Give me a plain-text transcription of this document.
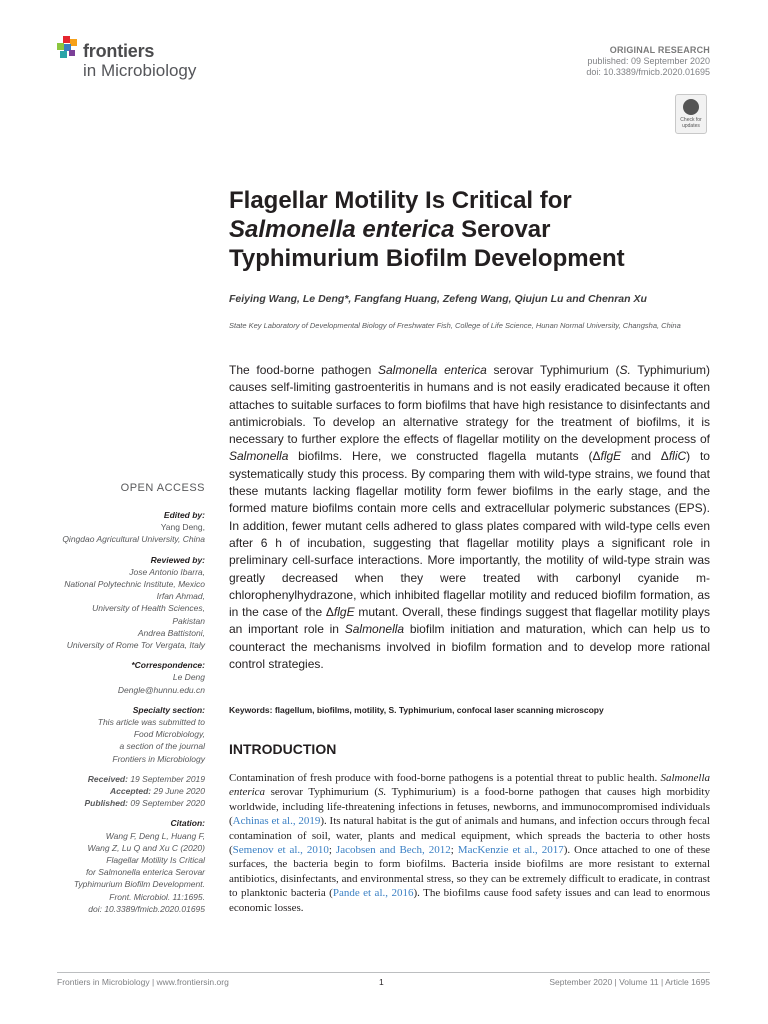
frontiers
in Microbiology
ORIGINAL RESEARCH
published: 09 September 2020
doi: 10.3389/fmicb.2020.01695
Check for updates
Flagellar Motility Is Critical for
Salmonella enterica Serovar
Typhimurium Biofilm Development
Feiying Wang, Le Deng*, Fangfang Huang, Zefeng Wang, Qiujun Lu and Chenran Xu
State Key Laboratory of Developmental Biology of Freshwater Fish, College of Life Science, Hunan Normal University, Changsha, China
The food-borne pathogen Salmonella enterica serovar Typhimurium (S. Typhimurium) causes self-limiting gastroenteritis in humans and is not easily eradicated because it often attaches to suitable surfaces to form biofilms that have high resistance to disinfectants and antimicrobials. To develop an alternative strategy for the treatment of biofilms, it is necessary to further explore the effects of flagellar motility on the development process of Salmonella biofilms. Here, we constructed flagella mutants (ΔflgE and ΔfliC) to systematically study this process. By comparing them with wild-type strains, we found that these mutants lacking flagellar motility form fewer biofilms in the early stage, and the formed mature biofilms contain more cells and extracellular polymeric substances (EPS). In addition, fewer mutant cells adhered to glass plates compared with wild-type cells even after 6 h of incubation, suggesting that flagellar motility plays a significant role in preliminary cell-surface interactions. More importantly, the motility of wild-type strain was greatly decreased when they were treated with carbonyl cyanide m-chlorophenylhydrazone, which inhibited flagellar motility and reduced biofilm formation, as in the case of the ΔflgE mutant. Overall, these findings suggest that flagellar motility plays an important role in Salmonella biofilm initiation and maturation, which can help us to counteract the mechanisms involved in biofilm formation and to develop more rational control strategies.
Keywords: flagellum, biofilms, motility, S. Typhimurium, confocal laser scanning microscopy
INTRODUCTION
Contamination of fresh produce with food-borne pathogens is a potential threat to public health. Salmonella enterica serovar Typhimurium (S. Typhimurium) is a food-borne pathogen that causes high morbidity worldwide, including life-threatening infections in fetuses, newborns, and immunocompromised individuals (Achinas et al., 2019). Its natural habitat is the gut of animals and humans, and infection occurs through fecal contamination of soil, water, plants and medical equipment, which spreads the bacteria to other hosts (Semenov et al., 2010; Jacobsen and Bech, 2012; MacKenzie et al., 2017). Once attached to one of these surfaces, the bacteria begin to form biofilms. Bacteria inside biofilms are more resistant to external antibiotics, disinfectants, and environmental stress, so they can be extremely difficult to eradicate, in contrast to planktonic bacteria (Pande et al., 2016). The biofilms cause food safety issues and can lead to enormous economic losses.
OPEN ACCESS
Edited by:
Yang Deng,
Qingdao Agricultural University, China
Reviewed by:
Jose Antonio Ibarra,
National Polytechnic Institute, Mexico
Irfan Ahmad,
University of Health Sciences,
Pakistan
Andrea Battistoni,
University of Rome Tor Vergata, Italy
*Correspondence:
Le Deng
Dengle@hunnu.edu.cn
Specialty section:
This article was submitted to
Food Microbiology,
a section of the journal
Frontiers in Microbiology
Received: 19 September 2019
Accepted: 29 June 2020
Published: 09 September 2020
Citation:
Wang F, Deng L, Huang F,
Wang Z, Lu Q and Xu C (2020)
Flagellar Motility Is Critical
for Salmonella enterica Serovar
Typhimurium Biofilm Development.
Front. Microbiol. 11:1695.
doi: 10.3389/fmicb.2020.01695
Frontiers in Microbiology | www.frontiersin.org	1	September 2020 | Volume 11 | Article 1695
